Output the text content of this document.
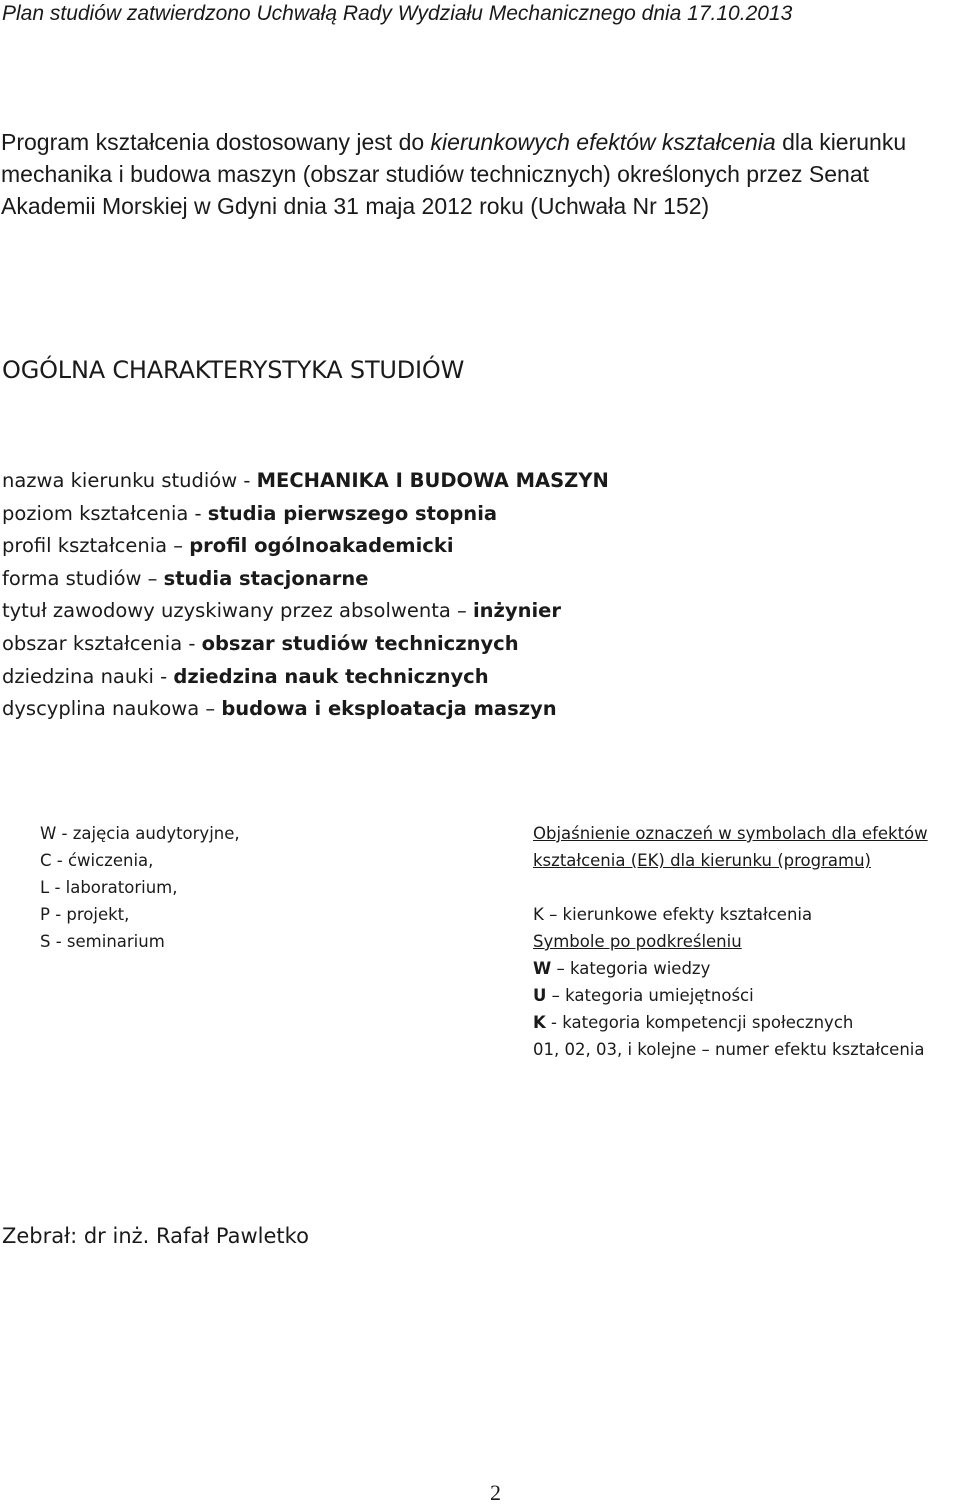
Plan studiów zatwierdzono Uchwałą Rady Wydziału Mechanicznego dnia 17.10.2013
Program kształcenia dostosowany jest do kierunkowych efektów kształcenia dla kierunku mechanika i budowa maszyn (obszar studiów technicznych) określonych przez Senat Akademii Morskiej w Gdyni dnia 31 maja 2012 roku (Uchwała Nr 152)
OGÓLNA CHARAKTERYSTYKA STUDIÓW
nazwa kierunku studiów - MECHANIKA I BUDOWA MASZYN
poziom kształcenia - studia pierwszego stopnia
profil kształcenia – profil ogólnoakademicki
forma studiów – studia stacjonarne
tytuł zawodowy uzyskiwany przez absolwenta – inżynier
obszar kształcenia - obszar studiów technicznych
dziedzina nauki - dziedzina nauk technicznych
dyscyplina naukowa – budowa i eksploatacja maszyn
W - zajęcia audytoryjne,
C - ćwiczenia,
L - laboratorium,
P - projekt,
S - seminarium
Objaśnienie oznaczeń w symbolach dla efektów
kształcenia (EK) dla kierunku (programu)
K – kierunkowe efekty kształcenia
Symbole po podkreśleniu
W – kategoria wiedzy
U – kategoria umiejętności
K - kategoria kompetencji społecznych
01, 02, 03, i kolejne – numer efektu kształcenia
Zebrał: dr inż. Rafał Pawletko
2
